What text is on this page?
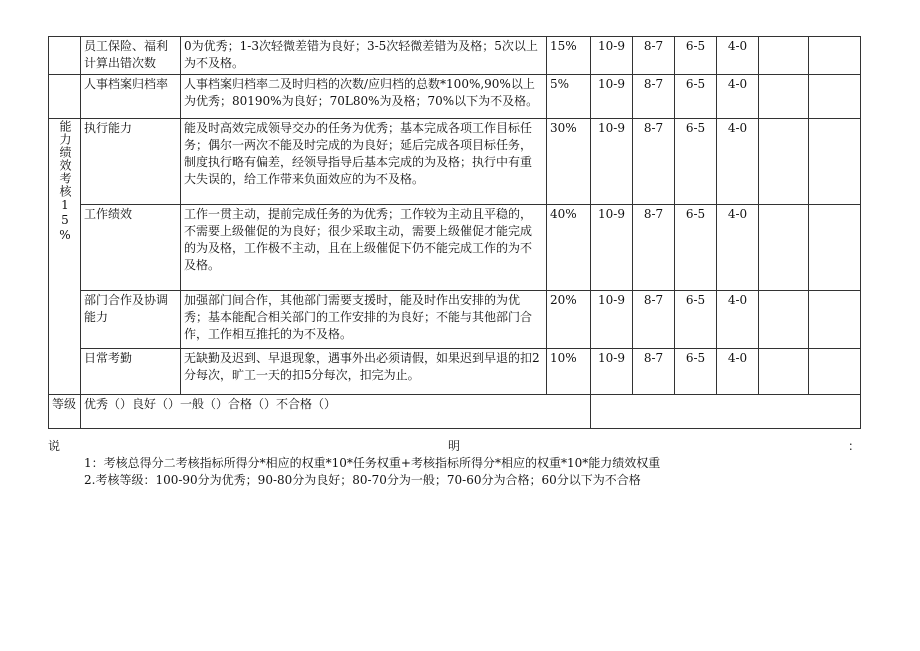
	员工保险、福利计算出错次数	0为优秀；1-3次轻微差错为良好；3-5次轻微差错为及格；5次以上为不及格。	15%	10-9	8-7	6-5	4-0		
	人事档案归档率	人事档案归档率二及时归档的次数/应归档的总数*100%,90%以上为优秀；80190%为良好；70L80%为及格；70%以下为不及格。	5%	10-9	8-7	6-5	4-0		
能力绩效考核15%	执行能力	能及时高效完成领导交办的任务为优秀；基本完成各项工作目标任务；偶尔一两次不能及时完成的为良好；延后完成各项目标任务，制度执行略有偏差，经领导指导后基本完成的为及格；执行中有重大失误的，给工作带来负面效应的为不及格。	30%	10-9	8-7	6-5	4-0		
	工作绩效	工作一贯主动，提前完成任务的为优秀；工作较为主动且平稳的，不需要上级催促的为良好；很少采取主动，需要上级催促才能完成的为及格，工作极不主动，且在上级催促下仍不能完成工作的为不及格。	40%	10-9	8-7	6-5	4-0		
	部门合作及协调能力	加强部门间合作，其他部门需要支援时，能及时作出安排的为优秀；基本能配合相关部门的工作安排的为良好；不能与其他部门合作，工作相互推托的为不及格。	20%	10-9	8-7	6-5	4-0		
	日常考勤	无缺勤及迟到、早退现象，遇事外出必须请假，如果迟到早退的扣2分每次，旷工一天的扣5分每次，扣完为止。	10%	10-9	8-7	6-5	4-0		
等级	优秀（）良好（）一般（）合格（）不合格（）								
说	明	：
1：考核总得分二考核指标所得分*相应的权重*10*任务权重+考核指标所得分*相应的权重*10*能力绩效权重
2.考核等级：100-90分为优秀；90-80分为良好；80-70分为一般；70-60分为合格；60分以下为不合格
